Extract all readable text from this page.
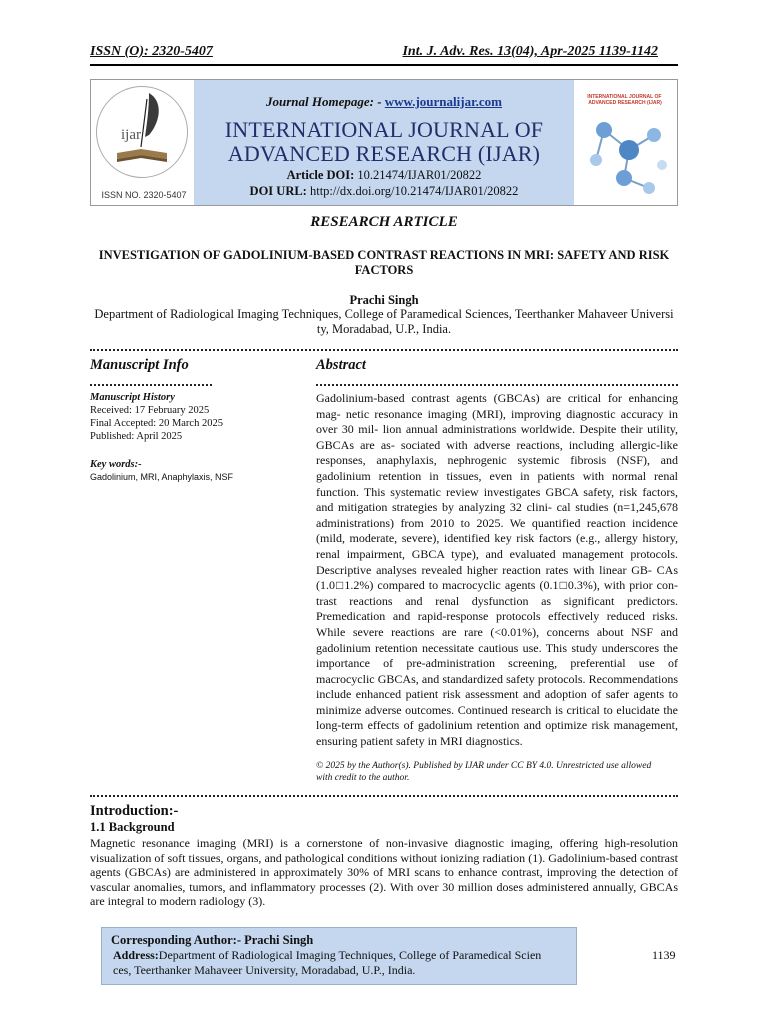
ISSN (O): 2320-5407	Int. J. Adv. Res. 13(04), Apr-2025 1139-1142
ijar
ISSN NO. 2320-5407
INTERNATIONAL JOURNAL OF ADVANCED RESEARCH (IJAR)
Journal Homepage: - www.journalijar.com
INTERNATIONAL JOURNAL OF
ADVANCED RESEARCH (IJAR)
Article DOI: 10.21474/IJAR01/20822
DOI URL: http://dx.doi.org/10.21474/IJAR01/20822
RESEARCH ARTICLE
INVESTIGATION OF GADOLINIUM-BASED CONTRAST REACTIONS IN MRI: SAFETY AND RISK
FACTORS
Prachi Singh
Department of Radiological Imaging Techniques, College of Paramedical Sciences, Teerthanker Mahaveer Universi
ty, Moradabad, U.P., India.
Manuscript Info
Manuscript History
Received: 17 February 2025
Final Accepted: 20 March 2025
Published: April 2025
Key words:-
Gadolinium, MRI, Anaphylaxis, NSF
Abstract
Gadolinium-based contrast agents (GBCAs) are critical for enhancing mag- netic resonance imaging (MRI), improving diagnostic accuracy in over 30 mil- lion annual administrations worldwide. Despite their utility, GBCAs are as- sociated with adverse reactions, including allergic-like responses, anaphylaxis, nephrogenic systemic fibrosis (NSF), and gadolinium retention in tissues, even in patients with normal renal function. This systematic review investigates GBCA safety, risk factors, and mitigation strategies by analyzing 32 clini- cal studies (n=1,245,678 administrations) from 2010 to 2025. We quantified reaction incidence (mild, moderate, severe), identified key risk factors (e.g., allergy history, renal impairment, GBCA type), and evaluated management protocols. Descriptive analyses revealed higher reaction rates with linear GB- CAs (1.0□1.2%) compared to macrocyclic agents (0.1□0.3%), with prior con- trast reactions and renal dysfunction as significant predictors. Premedication and rapid-response protocols effectively reduced risks. While severe reactions are rare (<0.01%), concerns about NSF and gadolinium retention necessitate cautious use. This study underscores the importance of pre-administration screening, preferential use of macrocyclic GBCAs, and standardized safety protocols. Recommendations include enhanced patient risk assessment and adoption of safer agents to minimize adverse outcomes. Continued research is critical to elucidate the long-term effects of gadolinium retention and optimize risk management, ensuring patient safety in MRI diagnostics.
© 2025 by the Author(s). Published by IJAR under CC BY 4.0. Unrestricted use allowed
with credit to the author.
Introduction:-
1.1 Background
Magnetic resonance imaging (MRI) is a cornerstone of non-invasive diagnostic imaging, offering high-resolution visualization of soft tissues, organs, and pathological conditions without ionizing radiation (1). Gadolinium-based contrast agents (GBCAs) are administered in approximately 30% of MRI scans to enhance contrast, improving the detection of vascular anomalies, tumors, and inflammatory processes (2). With over 30 million doses administered annually, GBCAs are integral to modern radiology (3).
Corresponding Author:- Prachi Singh
Address:Department of Radiological Imaging Techniques, College of Paramedical Scien
ces, Teerthanker Mahaveer University, Moradabad, U.P., India.
1139
